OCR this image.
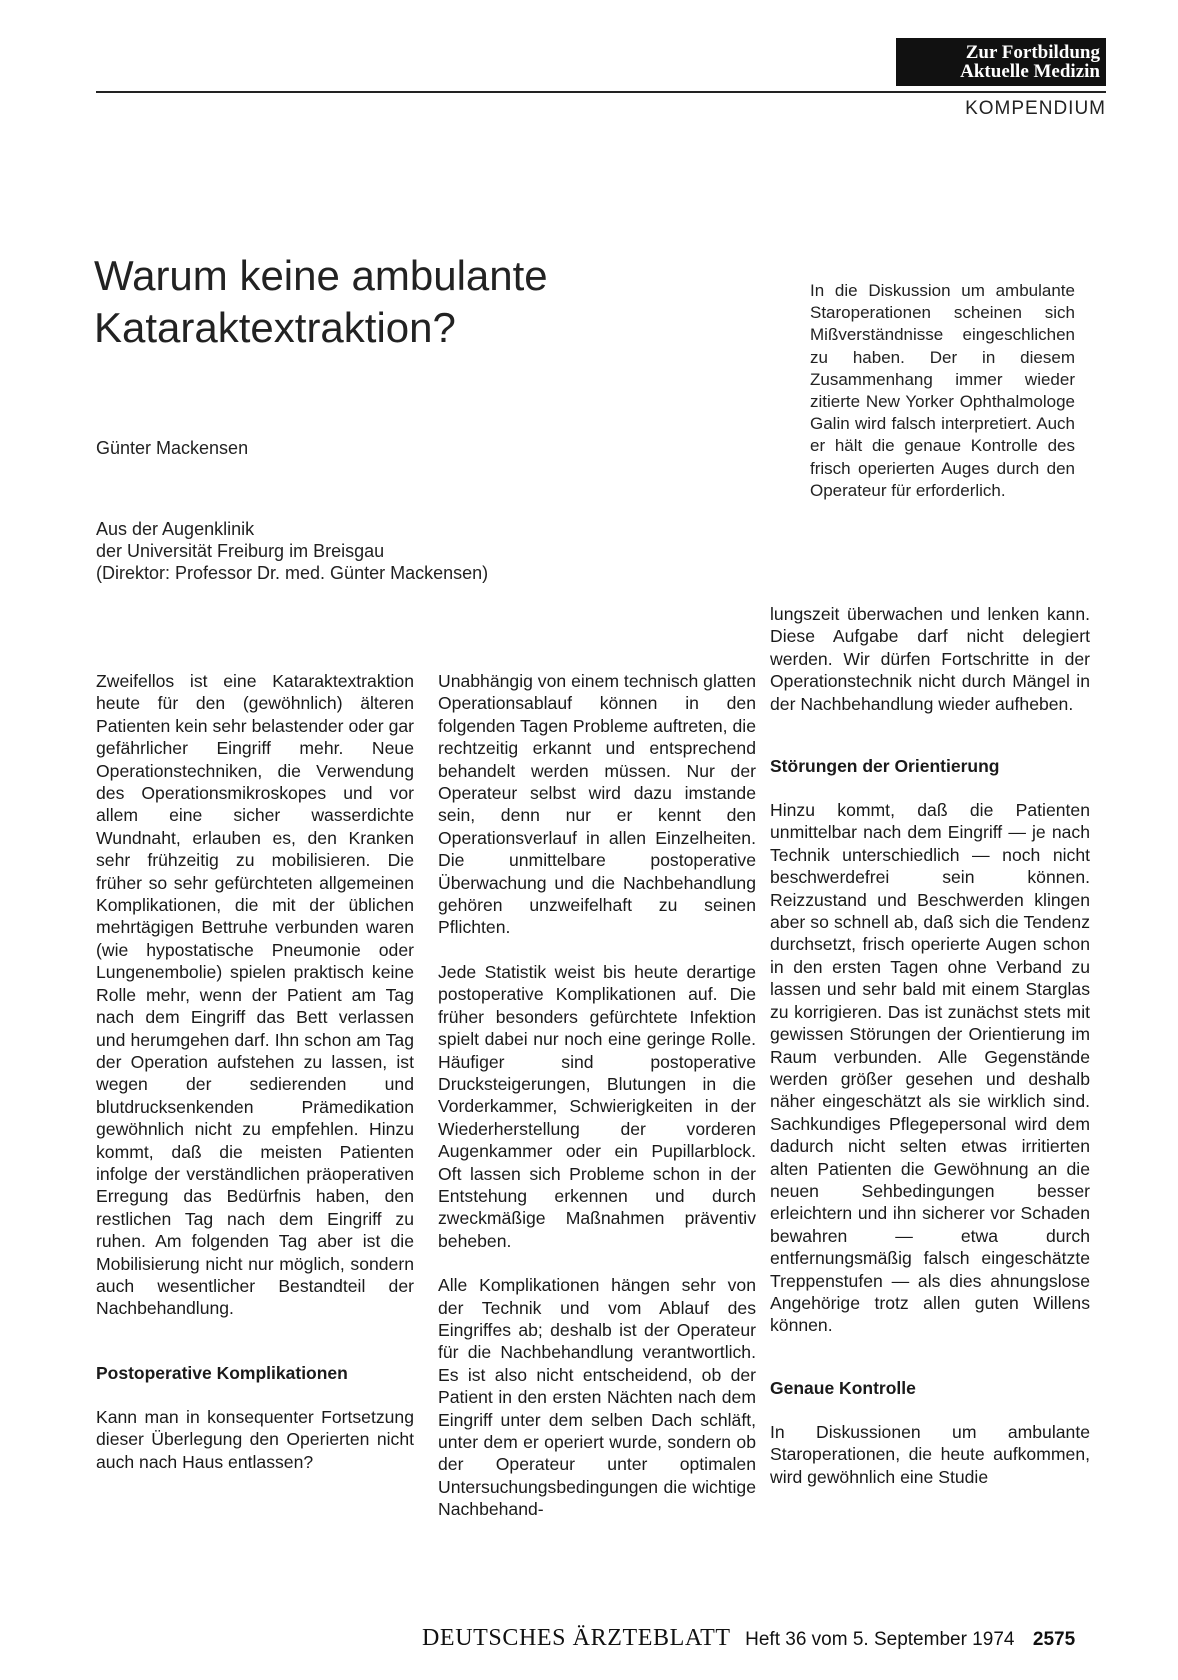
Zur Fortbildung
Aktuelle Medizin
KOMPENDIUM
Warum keine ambulante
Kataraktextraktion?
Günter Mackensen
Aus der Augenklinik
der Universität Freiburg im Breisgau
(Direktor: Professor Dr. med. Günter Mackensen)

In die Diskussion um ambulante Staroperationen scheinen sich Mißverständnisse eingeschlichen zu haben. Der in diesem Zusammenhang immer wieder zitierte New Yorker Ophthalmologe Galin wird falsch interpretiert. Auch er hält die genaue Kontrolle des frisch operierten Auges durch den Operateur für erforderlich.

Zweifellos ist eine Kataraktextraktion heute für den (gewöhnlich) älteren Patienten kein sehr belastender oder gar gefährlicher Eingriff mehr. Neue Operationstechniken, die Verwendung des Operationsmikroskopes und vor allem eine sicher wasserdichte Wundnaht, erlauben es, den Kranken sehr frühzeitig zu mobilisieren. Die früher so sehr gefürchteten allgemeinen Komplikationen, die mit der üblichen mehrtägigen Bettruhe verbunden waren (wie hypostatische Pneumonie oder Lungenembolie) spielen praktisch keine Rolle mehr, wenn der Patient am Tag nach dem Eingriff das Bett verlassen und herumgehen darf. Ihn schon am Tag der Operation aufstehen zu lassen, ist wegen der sedierenden und blutdrucksenkenden Prämedikation gewöhnlich nicht zu empfehlen. Hinzu kommt, daß die meisten Patienten infolge der verständlichen präoperativen Erregung das Bedürfnis haben, den restlichen Tag nach dem Eingriff zu ruhen. Am folgenden Tag aber ist die Mobilisierung nicht nur möglich, sondern auch wesentlicher Bestandteil der Nachbehandlung.

Postoperative Komplikationen

Kann man in konsequenter Fortsetzung dieser Überlegung den Operierten nicht auch nach Haus entlassen?

Unabhängig von einem technisch glatten Operationsablauf können in den folgenden Tagen Probleme auftreten, die rechtzeitig erkannt und entsprechend behandelt werden müssen. Nur der Operateur selbst wird dazu imstande sein, denn nur er kennt den Operationsverlauf in allen Einzelheiten. Die unmittelbare postoperative Überwachung und die Nachbehandlung gehören unzweifelhaft zu seinen Pflichten.

Jede Statistik weist bis heute derartige postoperative Komplikationen auf. Die früher besonders gefürchtete Infektion spielt dabei nur noch eine geringe Rolle. Häufiger sind postoperative Drucksteigerungen, Blutungen in die Vorderkammer, Schwierigkeiten in der Wiederherstellung der vorderen Augenkammer oder ein Pupillarblock. Oft lassen sich Probleme schon in der Entstehung erkennen und durch zweckmäßige Maßnahmen präventiv beheben.

Alle Komplikationen hängen sehr von der Technik und vom Ablauf des Eingriffes ab; deshalb ist der Operateur für die Nachbehandlung verantwortlich. Es ist also nicht entscheidend, ob der Patient in den ersten Nächten nach dem Eingriff unter dem selben Dach schläft, unter dem er operiert wurde, sondern ob der Operateur unter optimalen Untersuchungsbedingungen die wichtige Nachbehand-

lungszeit überwachen und lenken kann. Diese Aufgabe darf nicht delegiert werden. Wir dürfen Fortschritte in der Operationstechnik nicht durch Mängel in der Nachbehandlung wieder aufheben.

Störungen der Orientierung

Hinzu kommt, daß die Patienten unmittelbar nach dem Eingriff — je nach Technik unterschiedlich — noch nicht beschwerdefrei sein können. Reizzustand und Beschwerden klingen aber so schnell ab, daß sich die Tendenz durchsetzt, frisch operierte Augen schon in den ersten Tagen ohne Verband zu lassen und sehr bald mit einem Starglas zu korrigieren. Das ist zunächst stets mit gewissen Störungen der Orientierung im Raum verbunden. Alle Gegenstände werden größer gesehen und deshalb näher eingeschätzt als sie wirklich sind. Sachkundiges Pflegepersonal wird dem dadurch nicht selten etwas irritierten alten Patienten die Gewöhnung an die neuen Sehbedingungen besser erleichtern und ihn sicherer vor Schaden bewahren — etwa durch entfernungsmäßig falsch eingeschätzte Treppenstufen — als dies ahnungslose Angehörige trotz allen guten Willens können.

Genaue Kontrolle

In Diskussionen um ambulante Staroperationen, die heute aufkommen, wird gewöhnlich eine Studie

DEUTSCHES ÄRZTEBLATT Heft 36 vom 5. September 1974 2575
